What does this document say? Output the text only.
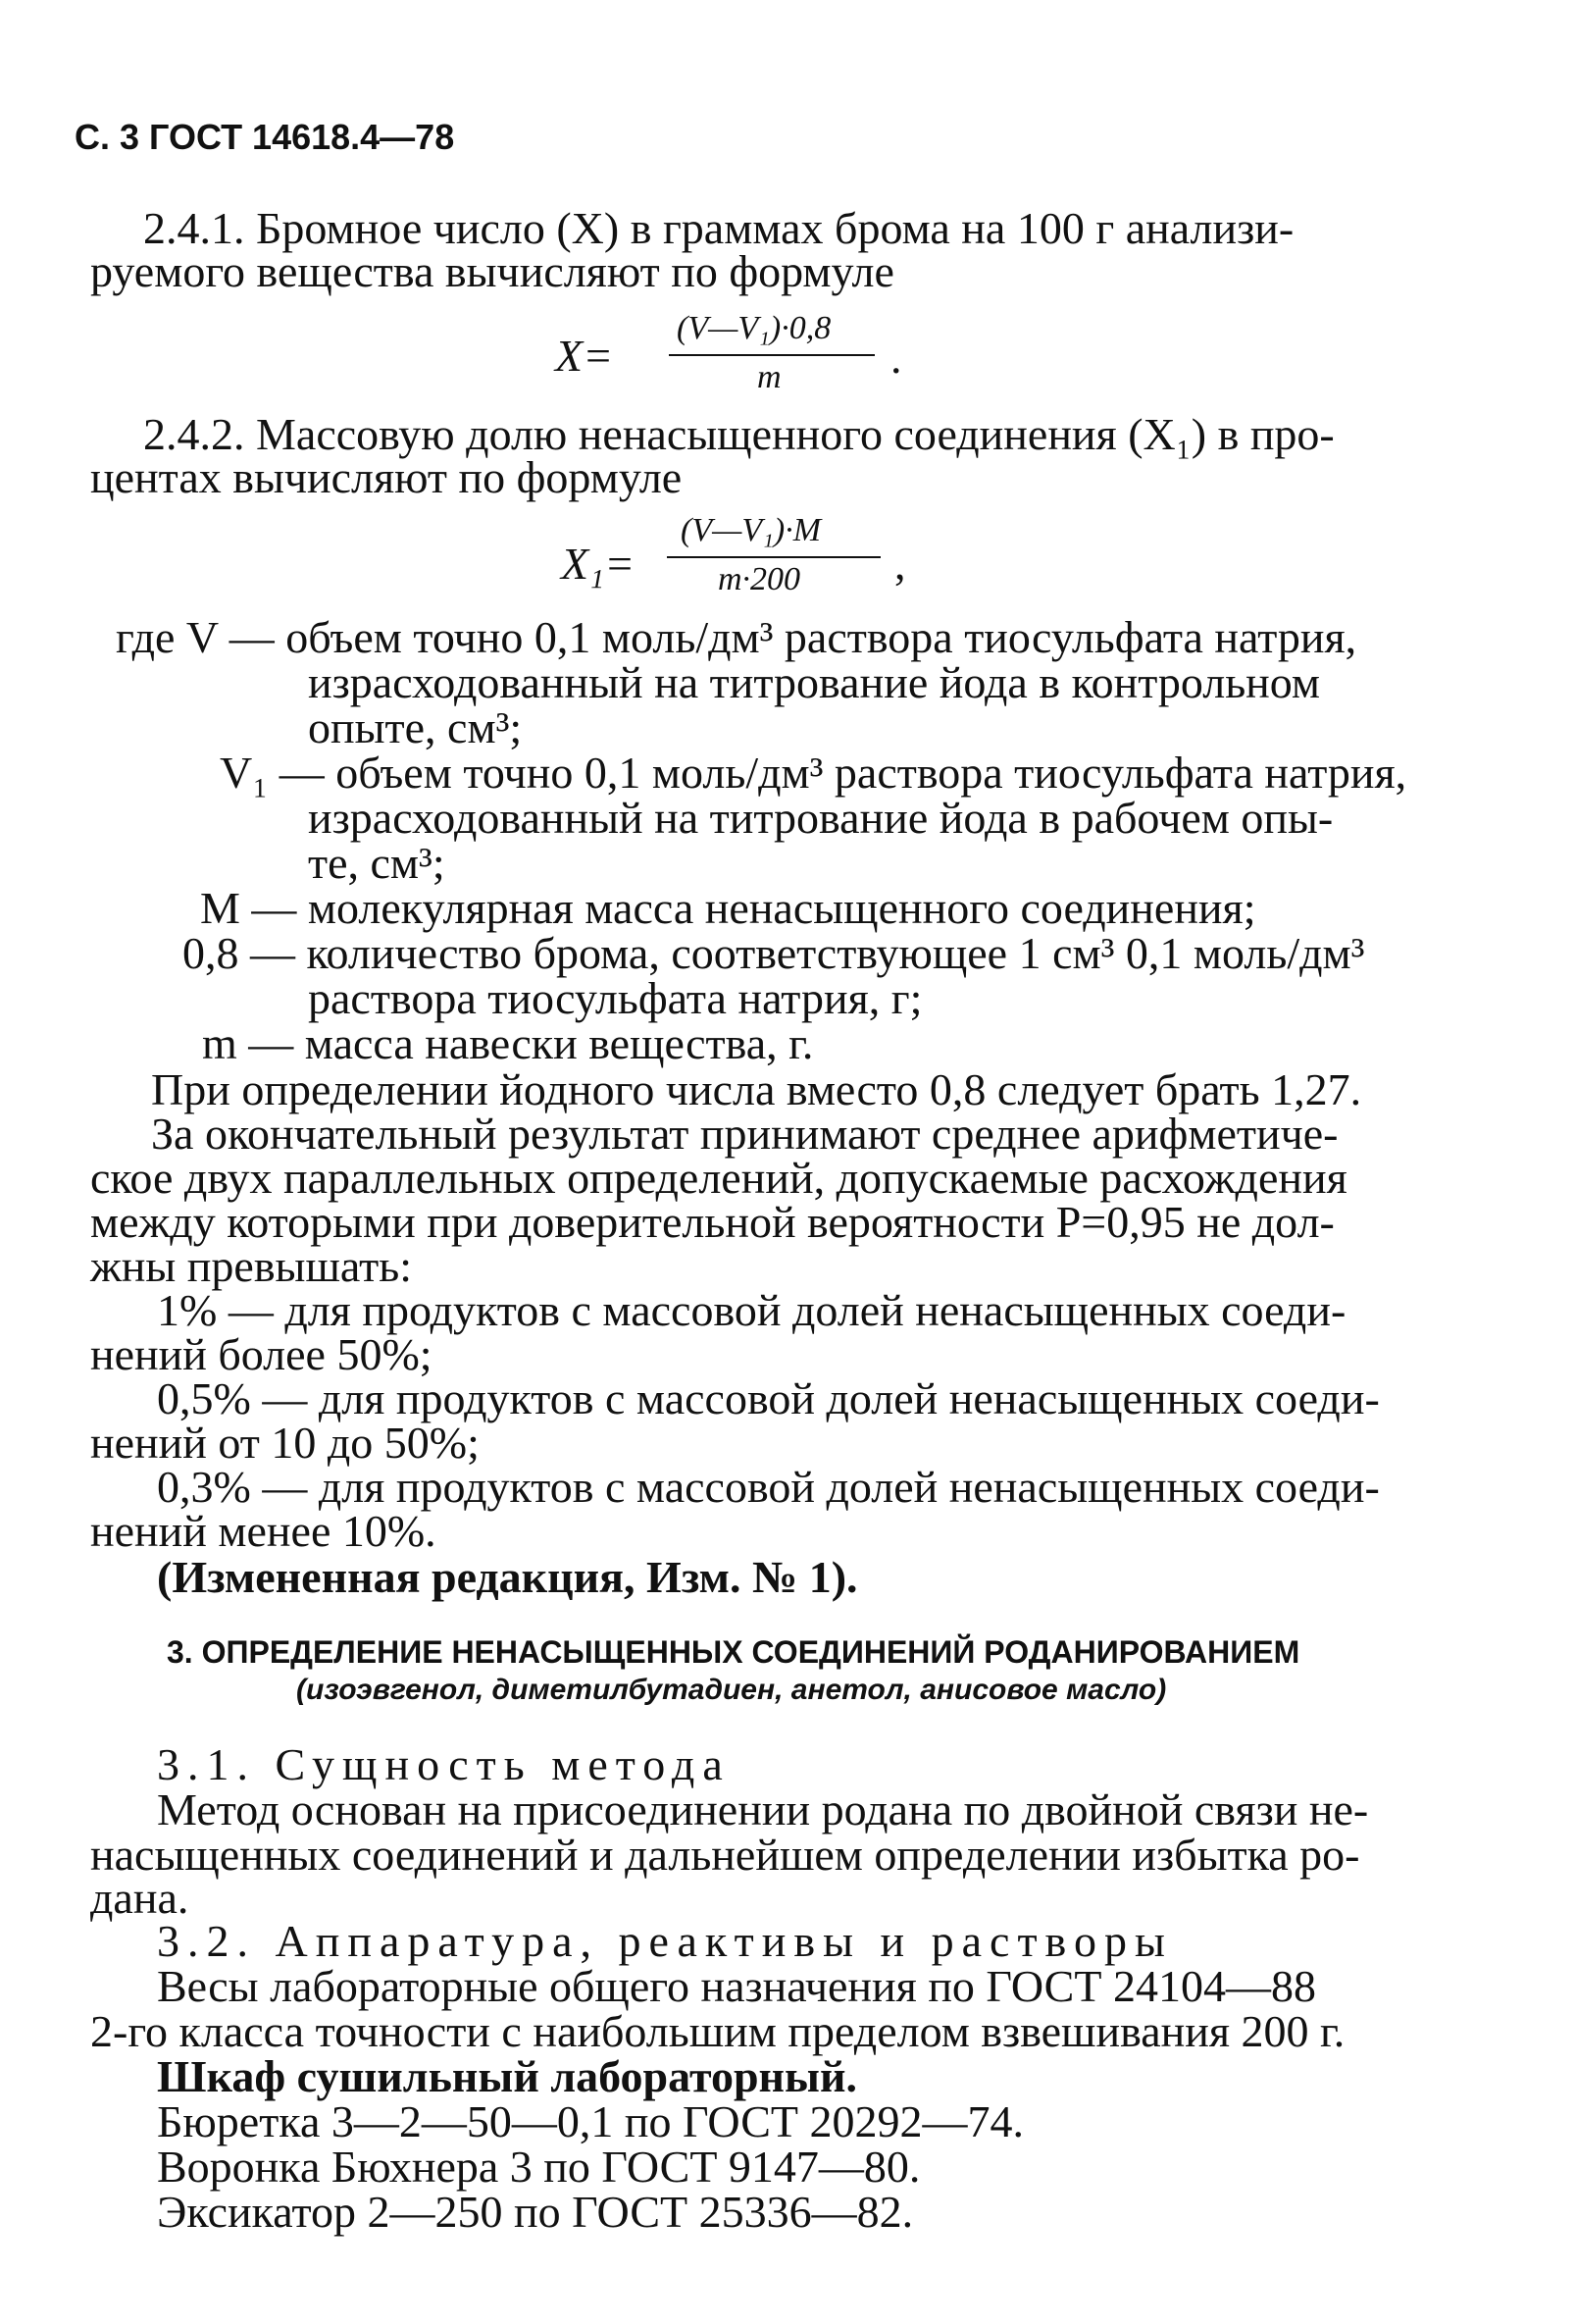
С. 3 ГОСТ 14618.4—78
2.4.1. Бромное число (X) в граммах брома на 100 г анализи-
руемого вещества вычисляют по формуле
X=
(V—V₁)·0,8
m .
2.4.2. Массовую долю ненасыщенного соединения (X₁) в про-
центах вычисляют по формуле
X₁=
(V—V₁)·M
m·200 ,
где V — объем точно 0,1 моль/дм³ раствора тиосульфата натрия,
израсходованный на титрование йода в контрольном
опыте, см³;
V₁ — объем точно 0,1 моль/дм³ раствора тиосульфата натрия,
израсходованный на титрование йода в рабочем опы-
те, см³;
M — молекулярная масса ненасыщенного соединения;
0,8 — количество брома, соответствующее 1 см³ 0,1 моль/дм³
раствора тиосульфата натрия, г;
m — масса навески вещества, г.
При определении йодного числа вместо 0,8 следует брать 1,27.
За окончательный результат принимают среднее арифметиче-
ское двух параллельных определений, допускаемые расхождения
между которыми при доверительной вероятности P=0,95 не дол-
жны превышать:
1% — для продуктов с массовой долей ненасыщенных соеди-
нений более 50%;
0,5% — для продуктов с массовой долей ненасыщенных соеди-
нений от 10 до 50%;
0,3% — для продуктов с массовой долей ненасыщенных соеди-
нений менее 10%.
(Измененная редакция, Изм. № 1).
3. ОПРЕДЕЛЕНИЕ НЕНАСЫЩЕННЫХ СОЕДИНЕНИЙ РОДАНИРОВАНИЕМ
(изоэвгенол, диметилбутадиен, анетол, анисовое масло)
3.1. Сущность метода
Метод основан на присоединении родана по двойной связи не-
насыщенных соединений и дальнейшем определении избытка ро-
дана.
3.2. Аппаратура, реактивы и растворы
Весы лабораторные общего назначения по ГОСТ 24104—88
2-го класса точности с наибольшим пределом взвешивания 200 г.
Шкаф сушильный лабораторный.
Бюретка 3—2—50—0,1 по ГОСТ 20292—74.
Воронка Бюхнера 3 по ГОСТ 9147—80.
Эксикатор 2—250 по ГОСТ 25336—82.
